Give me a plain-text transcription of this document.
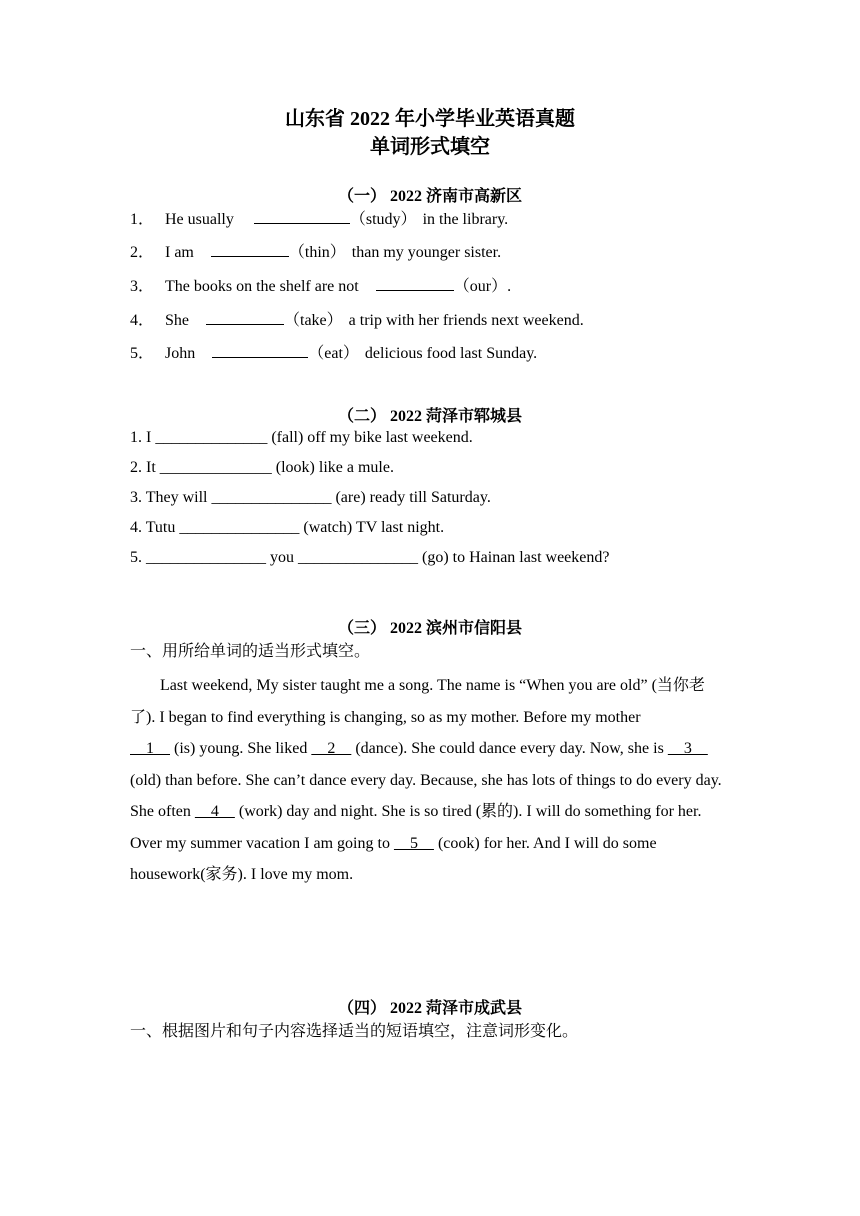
山东省 2022 年小学毕业英语真题
单词形式填空
（一） 2022 济南市高新区
1． He usually	（study） in the library.
2． I am	（thin） than my younger sister.
3． The books on the shelf are not	（our）.
4． She	（take） a trip with her friends next weekend.
5． John	（eat） delicious food last Sunday.
（二） 2022 菏泽市郓城县
1. I ______________ (fall) off my bike last weekend.
2. It ______________ (look) like a mule.
3. They will _______________ (are) ready till Saturday.
4. Tutu _______________ (watch) TV last night.
5. _______________ you _______________ (go) to Hainan last weekend?
（三） 2022 滨州市信阳县
一、用所给单词的适当形式填空。

Last weekend, My sister taught me a song. The name is “When you are old” (当你老了). I began to find everything is changing, so as my mother. Before my mother
1     (is) young. She liked     2     (dance). She could dance every day. Now, she is     3     (old) than before. She can’t dance every day. Because, she has lots of things to do every day. She often     4     (work) day and night. She is so tired (累的). I will do something for her. Over my summer vacation I am going to     5     (cook) for her. And I will do some housework(家务). I love my mom.

（四） 2022 菏泽市成武县
一、根据图片和句子内容选择适当的短语填空，注意词形变化。
